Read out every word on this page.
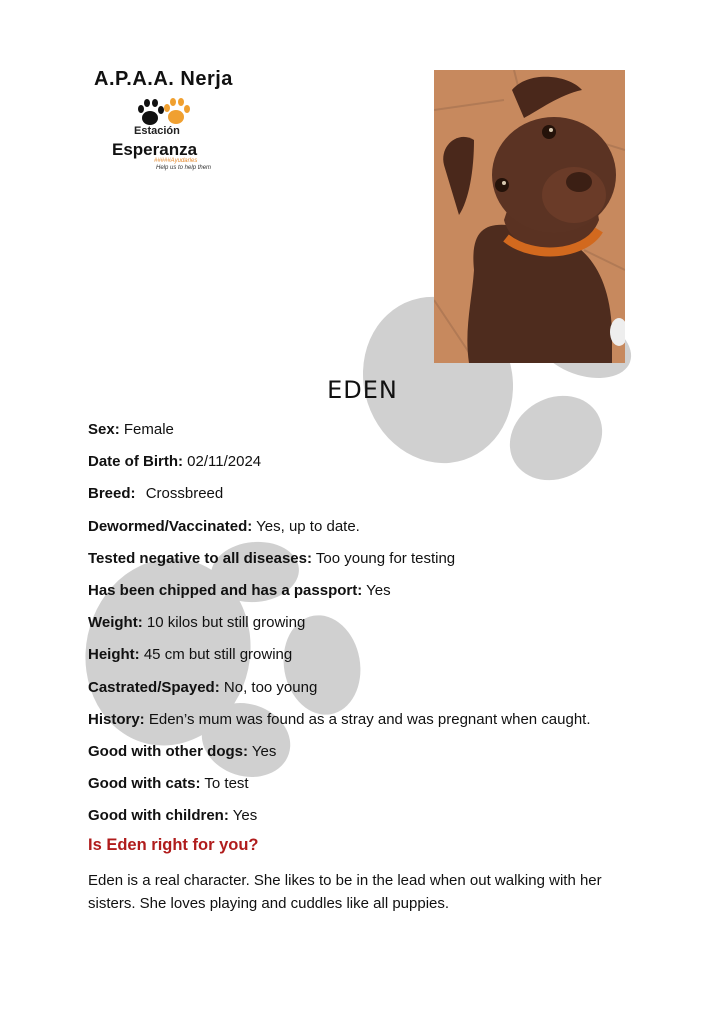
A.P.A.A. Nerja
Estación
Esperanza
#####Ayudarles
Help us to help them
EDEN
Sex: Female
Date of Birth: 02/11/2024
Breed: Crossbreed
Dewormed/Vaccinated: Yes, up to date.
Tested negative to all diseases: Too young for testing
Has been chipped and has a passport: Yes
Weight: 10 kilos but still growing
Height: 45 cm but still growing
Castrated/Spayed: No, too young
History: Eden’s mum was found as a stray and was pregnant when caught.
Good with other dogs: Yes
Good with cats: To test
Good with children: Yes
Is Eden right for you?
Eden is a real character. She likes to be in the lead when out walking with her sisters. She loves playing and cuddles like all puppies.
